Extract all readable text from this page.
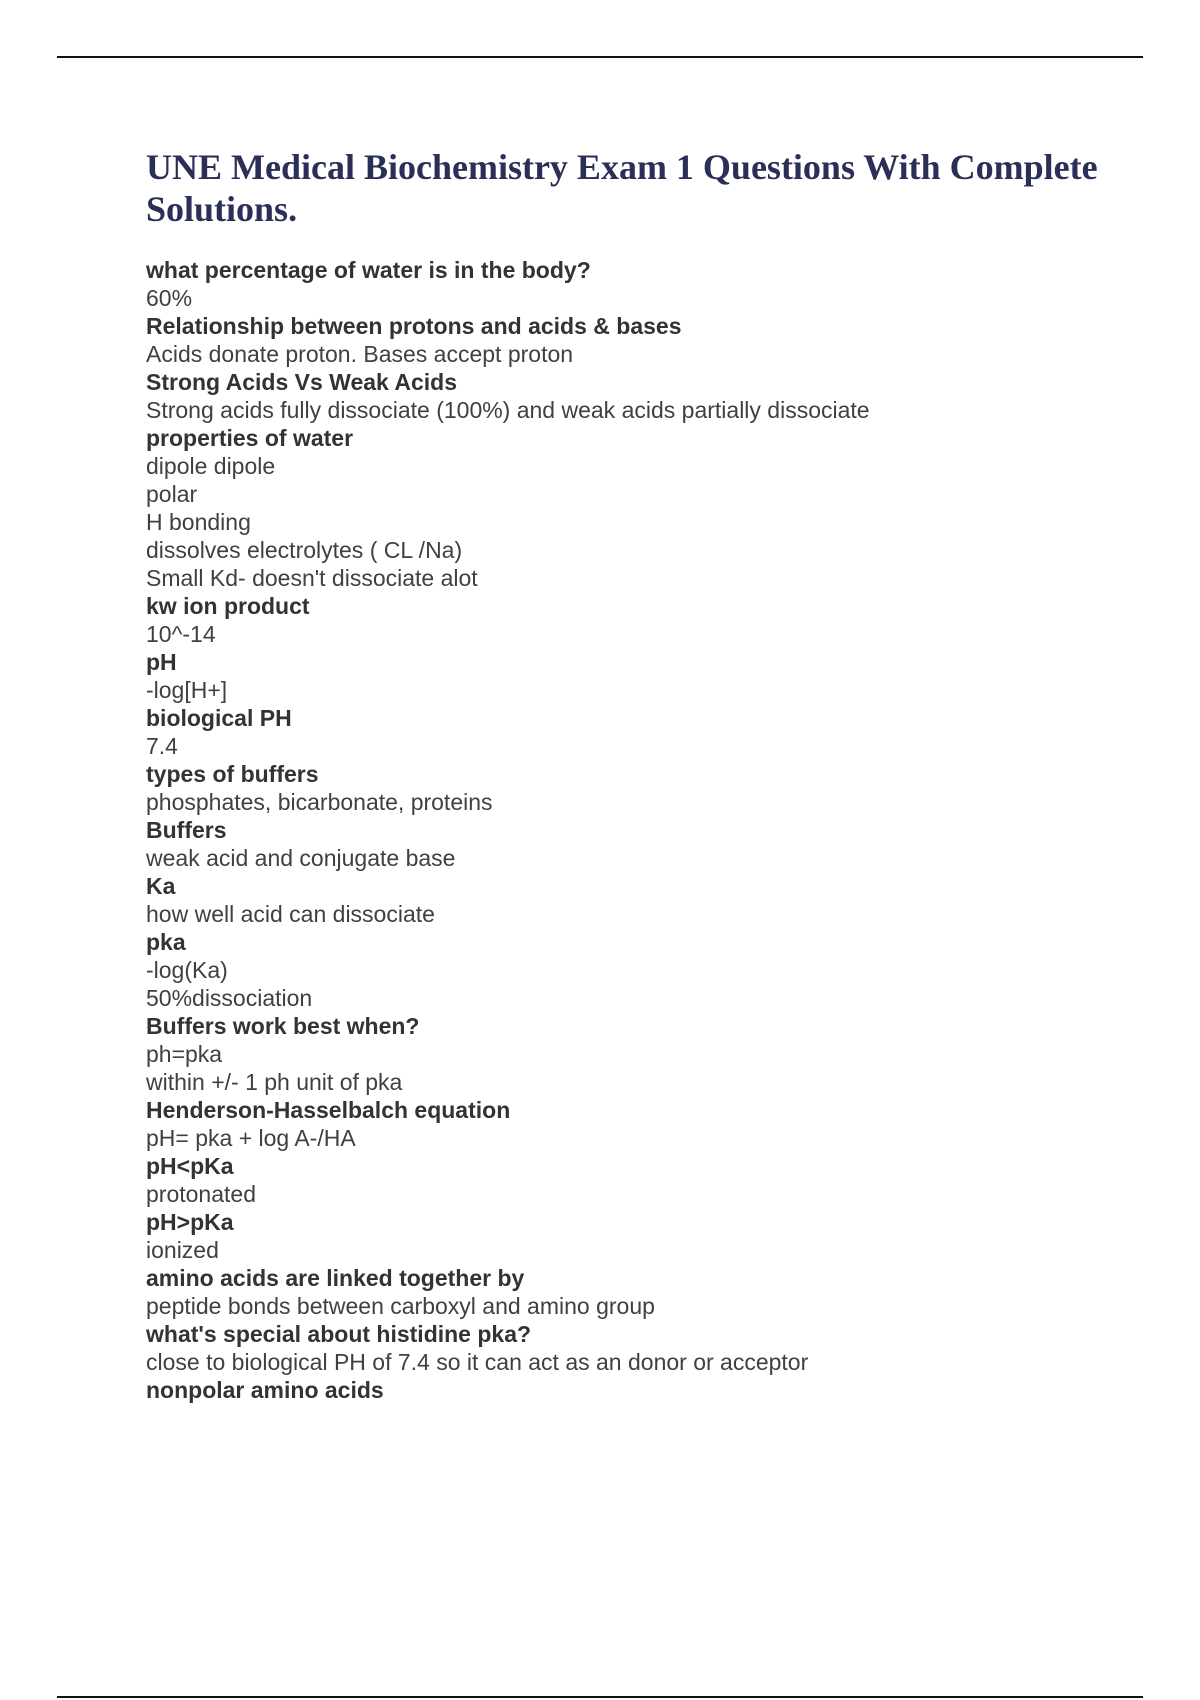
UNE Medical Biochemistry Exam 1 Questions With Complete Solutions.
what percentage of water is in the body?
60%
Relationship between protons and acids & bases
Acids donate proton. Bases accept proton
Strong Acids Vs Weak Acids
Strong acids fully dissociate (100%) and weak acids partially dissociate
properties of water
dipole dipole
polar
H bonding
dissolves electrolytes ( CL /Na)
Small Kd- doesn't dissociate alot
kw ion product
10^-14
pH
-log[H+]
biological PH
7.4
types of buffers
phosphates, bicarbonate, proteins
Buffers
weak acid and conjugate base
Ka
how well acid can dissociate
pka
-log(Ka)
50%dissociation
Buffers work best when?
ph=pka
within +/- 1 ph unit of pka
Henderson-Hasselbalch equation
pH= pka + log A-/HA
pH<pKa
protonated
pH>pKa
ionized
amino acids are linked together by
peptide bonds between carboxyl and amino group
what's special about histidine pka?
close to biological PH of 7.4 so it can act as an donor or acceptor
nonpolar amino acids
